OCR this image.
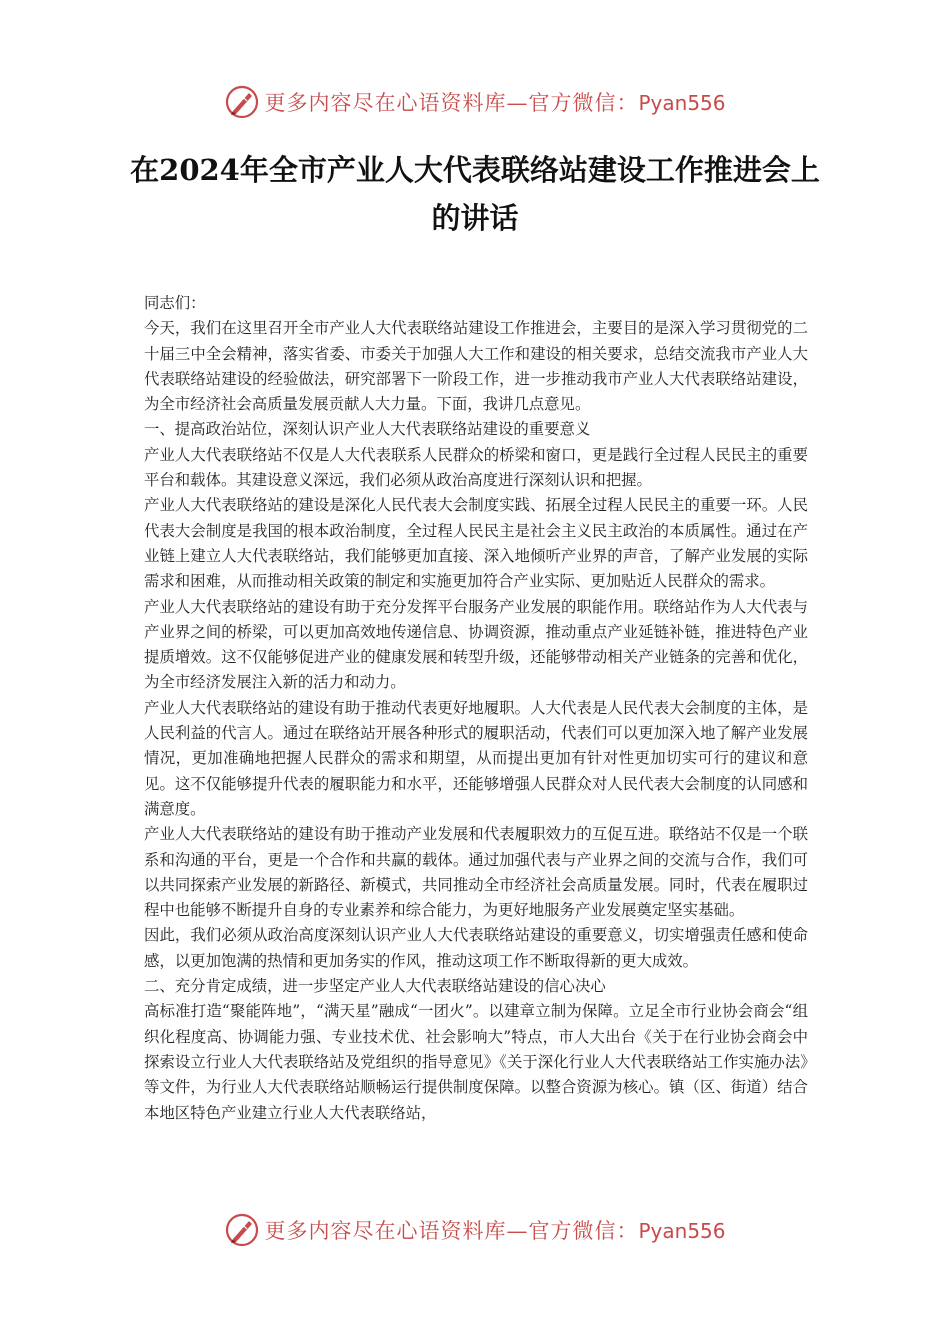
更多内容尽在心语资料库—官方微信：Pyan556
在2024年全市产业人大代表联络站建设工作推进会上的讲话

同志们：

今天，我们在这里召开全市产业人大代表联络站建设工作推进会，主要目的是深入学习贯彻党的二十届三中全会精神，落实省委、市委关于加强人大工作和建设的相关要求，总结交流我市产业人大代表联络站建设的经验做法，研究部署下一阶段工作，进一步推动我市产业人大代表联络站建设，为全市经济社会高质量发展贡献人大力量。下面，我讲几点意见。

一、提高政治站位，深刻认识产业人大代表联络站建设的重要意义

产业人大代表联络站不仅是人大代表联系人民群众的桥梁和窗口，更是践行全过程人民民主的重要平台和载体。其建设意义深远，我们必须从政治高度进行深刻认识和把握。

产业人大代表联络站的建设是深化人民代表大会制度实践、拓展全过程人民民主的重要一环。人民代表大会制度是我国的根本政治制度，全过程人民民主是社会主义民主政治的本质属性。通过在产业链上建立人大代表联络站，我们能够更加直接、深入地倾听产业界的声音，了解产业发展的实际需求和困难，从而推动相关政策的制定和实施更加符合产业实际、更加贴近人民群众的需求。

产业人大代表联络站的建设有助于充分发挥平台服务产业发展的职能作用。联络站作为人大代表与产业界之间的桥梁，可以更加高效地传递信息、协调资源，推动重点产业延链补链，推进特色产业提质增效。这不仅能够促进产业的健康发展和转型升级，还能够带动相关产业链条的完善和优化，为全市经济发展注入新的活力和动力。

产业人大代表联络站的建设有助于推动代表更好地履职。人大代表是人民代表大会制度的主体，是人民利益的代言人。通过在联络站开展各种形式的履职活动，代表们可以更加深入地了解产业发展情况，更加准确地把握人民群众的需求和期望，从而提出更加有针对性更加切实可行的建议和意见。这不仅能够提升代表的履职能力和水平，还能够增强人民群众对人民代表大会制度的认同感和满意度。

产业人大代表联络站的建设有助于推动产业发展和代表履职效力的互促互进。联络站不仅是一个联系和沟通的平台，更是一个合作和共赢的载体。通过加强代表与产业界之间的交流与合作，我们可以共同探索产业发展的新路径、新模式，共同推动全市经济社会高质量发展。同时，代表在履职过程中也能够不断提升自身的专业素养和综合能力，为更好地服务产业发展奠定坚实基础。

因此，我们必须从政治高度深刻认识产业人大代表联络站建设的重要意义，切实增强责任感和使命感，以更加饱满的热情和更加务实的作风，推动这项工作不断取得新的更大成效。

二、充分肯定成绩，进一步坚定产业人大代表联络站建设的信心决心

高标准打造“聚能阵地”，“满天星”融成“一团火”。以建章立制为保障。立足全市行业协会商会“组织化程度高、协调能力强、专业技术优、社会影响大”特点，市人大出台《关于在行业协会商会中探索设立行业人大代表联络站及党组织的指导意见》《关于深化行业人大代表联络站工作实施办法》等文件，为行业人大代表联络站顺畅运行提供制度保障。以整合资源为核心。镇（区、街道）结合本地区特色产业建立行业人大代表联络站，

更多内容尽在心语资料库—官方微信：Pyan556
